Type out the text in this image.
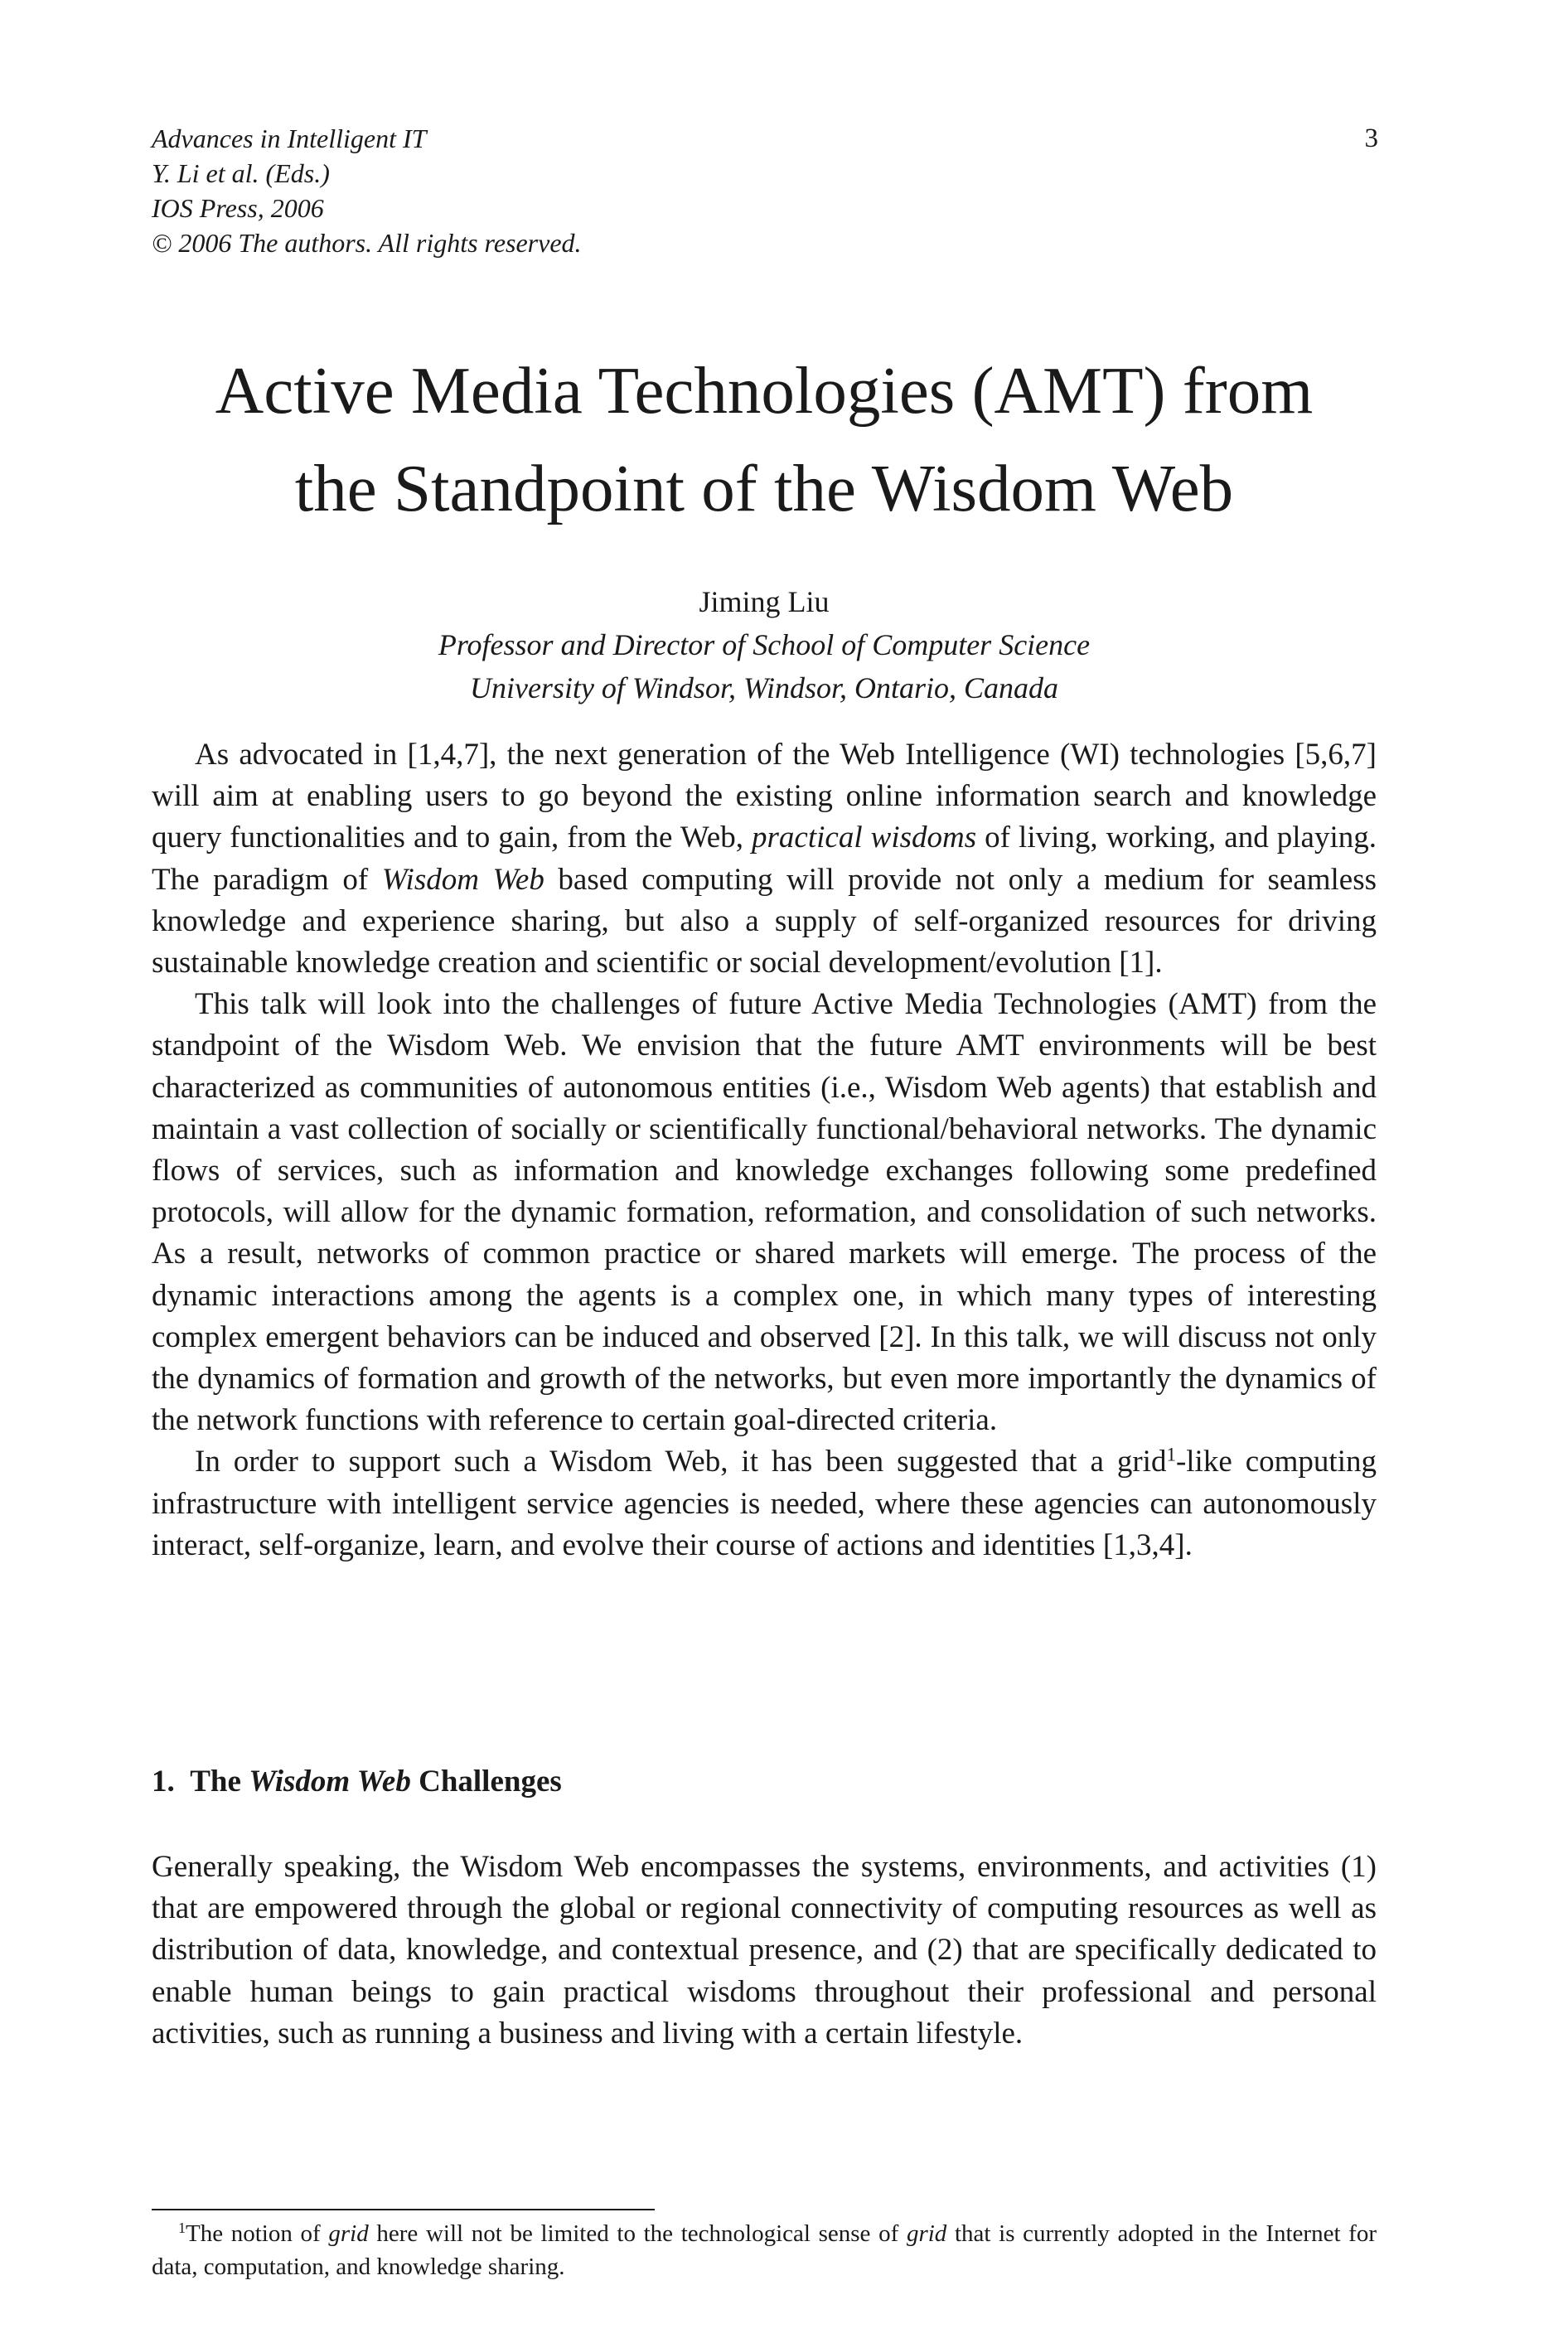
Advances in Intelligent IT
Y. Li et al. (Eds.)
IOS Press, 2006
© 2006 The authors. All rights reserved.
3
Active Media Technologies (AMT) from
the Standpoint of the Wisdom Web
Jiming Liu
Professor and Director of School of Computer Science
University of Windsor, Windsor, Ontario, Canada

As advocated in [1,4,7], the next generation of the Web Intelligence (WI) technologies [5,6,7] will aim at enabling users to go beyond the existing online information search and knowledge query functionalities and to gain, from the Web, practical wisdoms of living, working, and playing. The paradigm of Wisdom Web based computing will provide not only a medium for seamless knowledge and experience sharing, but also a supply of self-organized resources for driving sustainable knowledge creation and scientific or social development/evolution [1].

This talk will look into the challenges of future Active Media Technologies (AMT) from the standpoint of the Wisdom Web. We envision that the future AMT environments will be best characterized as communities of autonomous entities (i.e., Wisdom Web agents) that establish and maintain a vast collection of socially or scientifically functional/behavioral networks. The dynamic flows of services, such as information and knowledge exchanges following some predefined protocols, will allow for the dynamic formation, reformation, and consolidation of such networks. As a result, networks of common practice or shared markets will emerge. The process of the dynamic interactions among the agents is a complex one, in which many types of interesting complex emergent behaviors can be induced and observed [2]. In this talk, we will discuss not only the dynamics of formation and growth of the networks, but even more importantly the dynamics of the network functions with reference to certain goal-directed criteria.

In order to support such a Wisdom Web, it has been suggested that a grid$^1$-like computing infrastructure with intelligent service agencies is needed, where these agencies can autonomously interact, self-organize, learn, and evolve their course of actions and identities [1,3,4].

1. The Wisdom Web Challenges

Generally speaking, the Wisdom Web encompasses the systems, environments, and activities (1) that are empowered through the global or regional connectivity of computing resources as well as distribution of data, knowledge, and contextual presence, and (2) that are specifically dedicated to enable human beings to gain practical wisdoms throughout their professional and personal activities, such as running a business and living with a certain lifestyle.

$^1$The notion of grid here will not be limited to the technological sense of grid that is currently adopted in the Internet for data, computation, and knowledge sharing.
